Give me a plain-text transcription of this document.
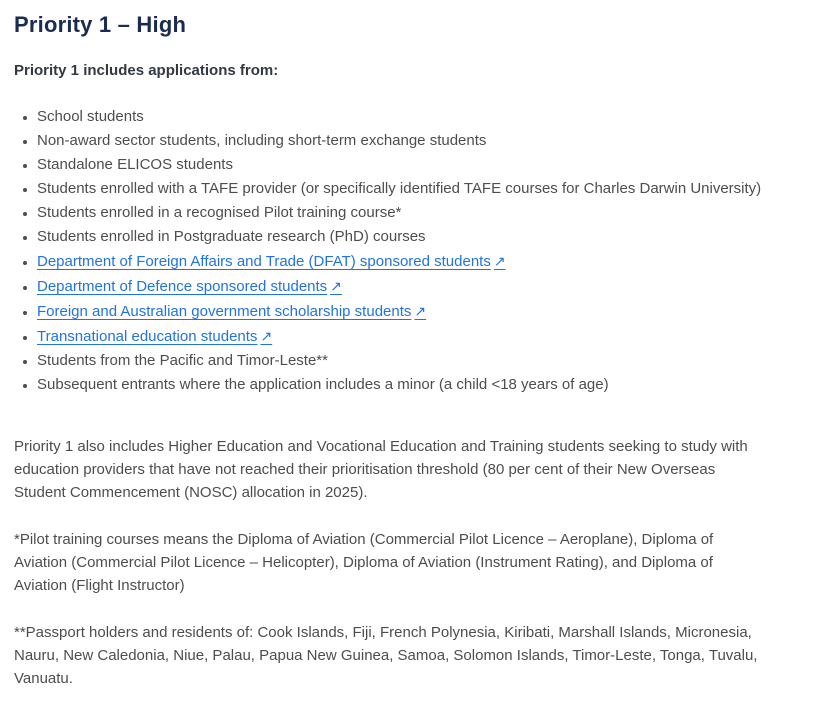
Priority 1 – High

Priority 1 includes applications from:

• School students
• Non-award sector students, including short-term exchange students
• Standalone ELICOS students
• Students enrolled with a TAFE provider (or specifically identified TAFE courses for Charles Darwin University)
• Students enrolled in a recognised Pilot training course*
• Students enrolled in Postgraduate research (PhD) courses
• Department of Foreign Affairs and Trade (DFAT) sponsored students ↗
• Department of Defence sponsored students ↗
• Foreign and Australian government scholarship students ↗
• Transnational education students ↗
• Students from the Pacific and Timor-Leste**
• Subsequent entrants where the application includes a minor (a child <18 years of age)

Priority 1 also includes Higher Education and Vocational Education and Training students seeking to study with education providers that have not reached their prioritisation threshold (80 per cent of their New Overseas Student Commencement (NOSC) allocation in 2025).

*Pilot training courses means the Diploma of Aviation (Commercial Pilot Licence – Aeroplane), Diploma of Aviation (Commercial Pilot Licence – Helicopter), Diploma of Aviation (Instrument Rating), and Diploma of Aviation (Flight Instructor)

**Passport holders and residents of: Cook Islands, Fiji, French Polynesia, Kiribati, Marshall Islands, Micronesia, Nauru, New Caledonia, Niue, Palau, Papua New Guinea, Samoa, Solomon Islands, Timor-Leste, Tonga, Tuvalu, Vanuatu.
